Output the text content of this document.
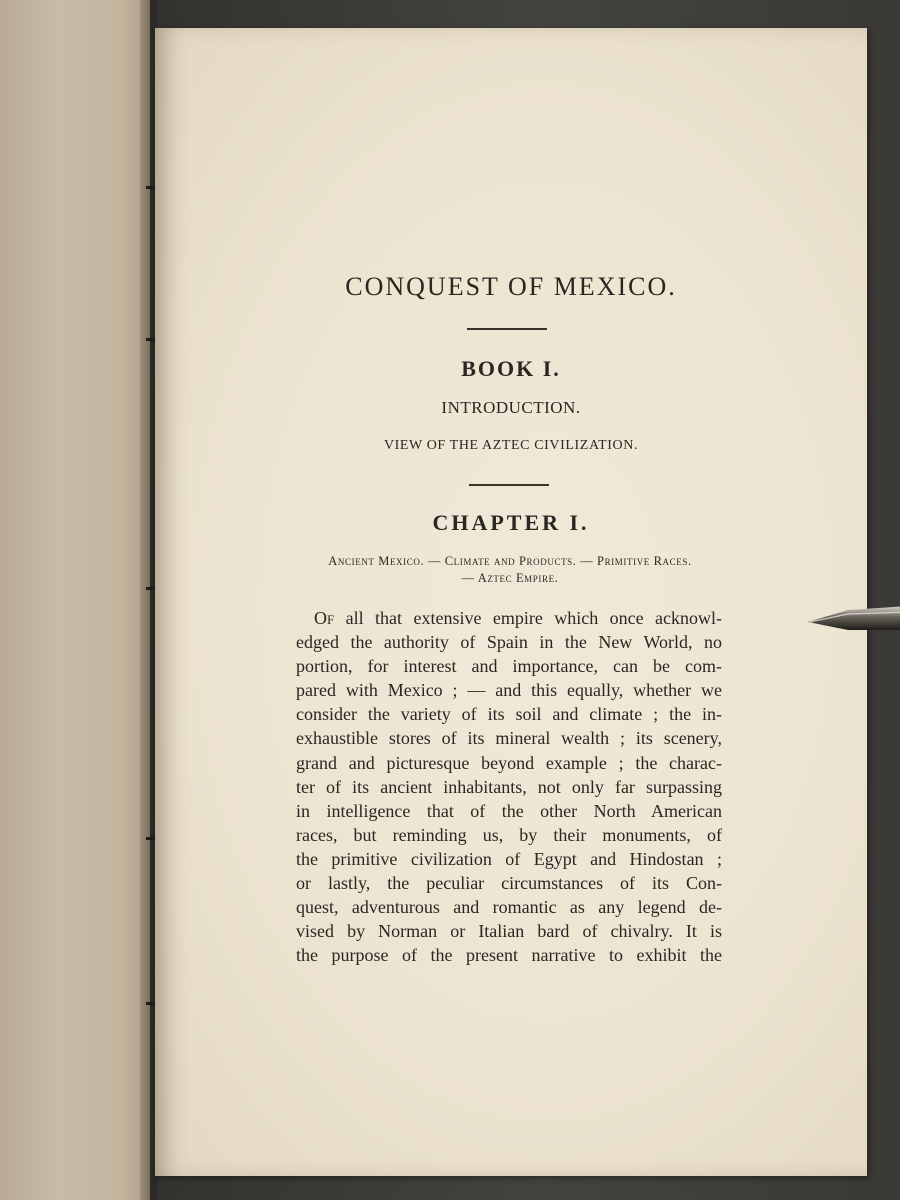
CONQUEST OF MEXICO.
BOOK I.
INTRODUCTION.
VIEW OF THE AZTEC CIVILIZATION.
CHAPTER I.
Ancient Mexico. — Climate and Products. — Primitive Races.
— Aztec Empire.
Of all that extensive empire which once acknowl-
edged the authority of Spain in the New World, no
portion, for interest and importance, can be com-
pared with Mexico ; — and this equally, whether we
consider the variety of its soil and climate ; the in-
exhaustible stores of its mineral wealth ; its scenery,
grand and picturesque beyond example ; the charac-
ter of its ancient inhabitants, not only far surpassing
in intelligence that of the other North American
races, but reminding us, by their monuments, of
the primitive civilization of Egypt and Hindostan ;
or lastly, the peculiar circumstances of its Con-
quest, adventurous and romantic as any legend de-
vised by Norman or Italian bard of chivalry. It is
the purpose of the present narrative to exhibit the
